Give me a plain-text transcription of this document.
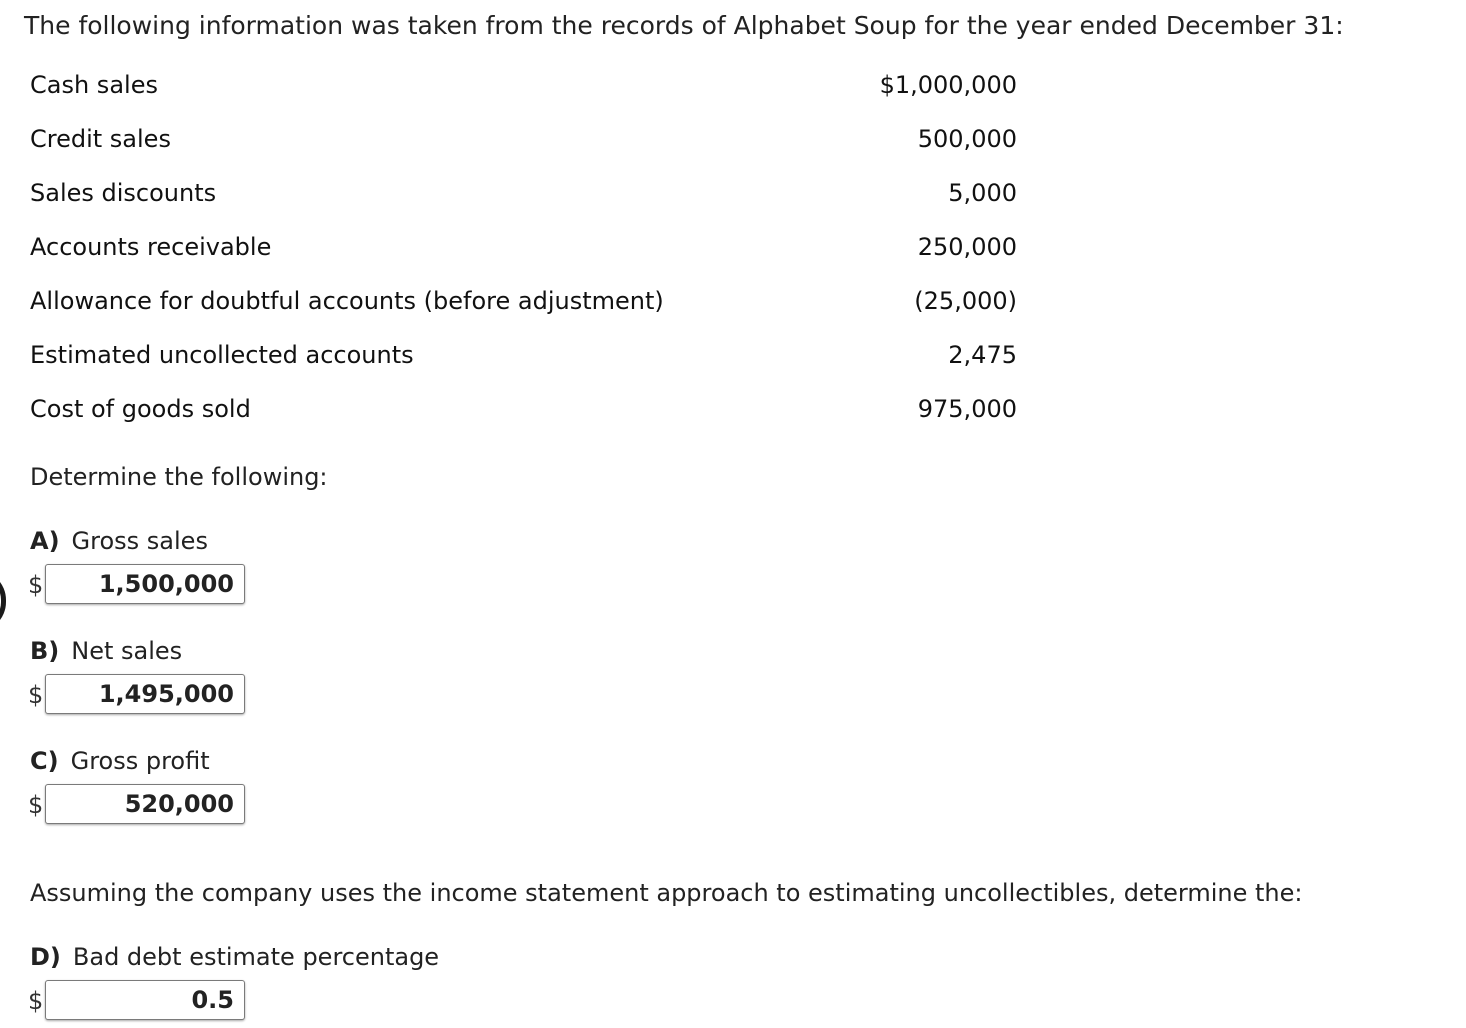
The following information was taken from the records of Alphabet Soup for the year ended December 31:
Cash sales	$1,000,000
Credit sales	500,000
Sales discounts	5,000
Accounts receivable	250,000
Allowance for doubtful accounts (before adjustment)	(25,000)
Estimated uncollected accounts	2,475
Cost of goods sold	975,000
Determine the following:
A) Gross sales
$ 1,500,000
B) Net sales
$ 1,495,000
C) Gross profit
$	520,000
Assuming the company uses the income statement approach to estimating uncollectibles, determine the:
D) Bad debt estimate percentage
$	0.5
